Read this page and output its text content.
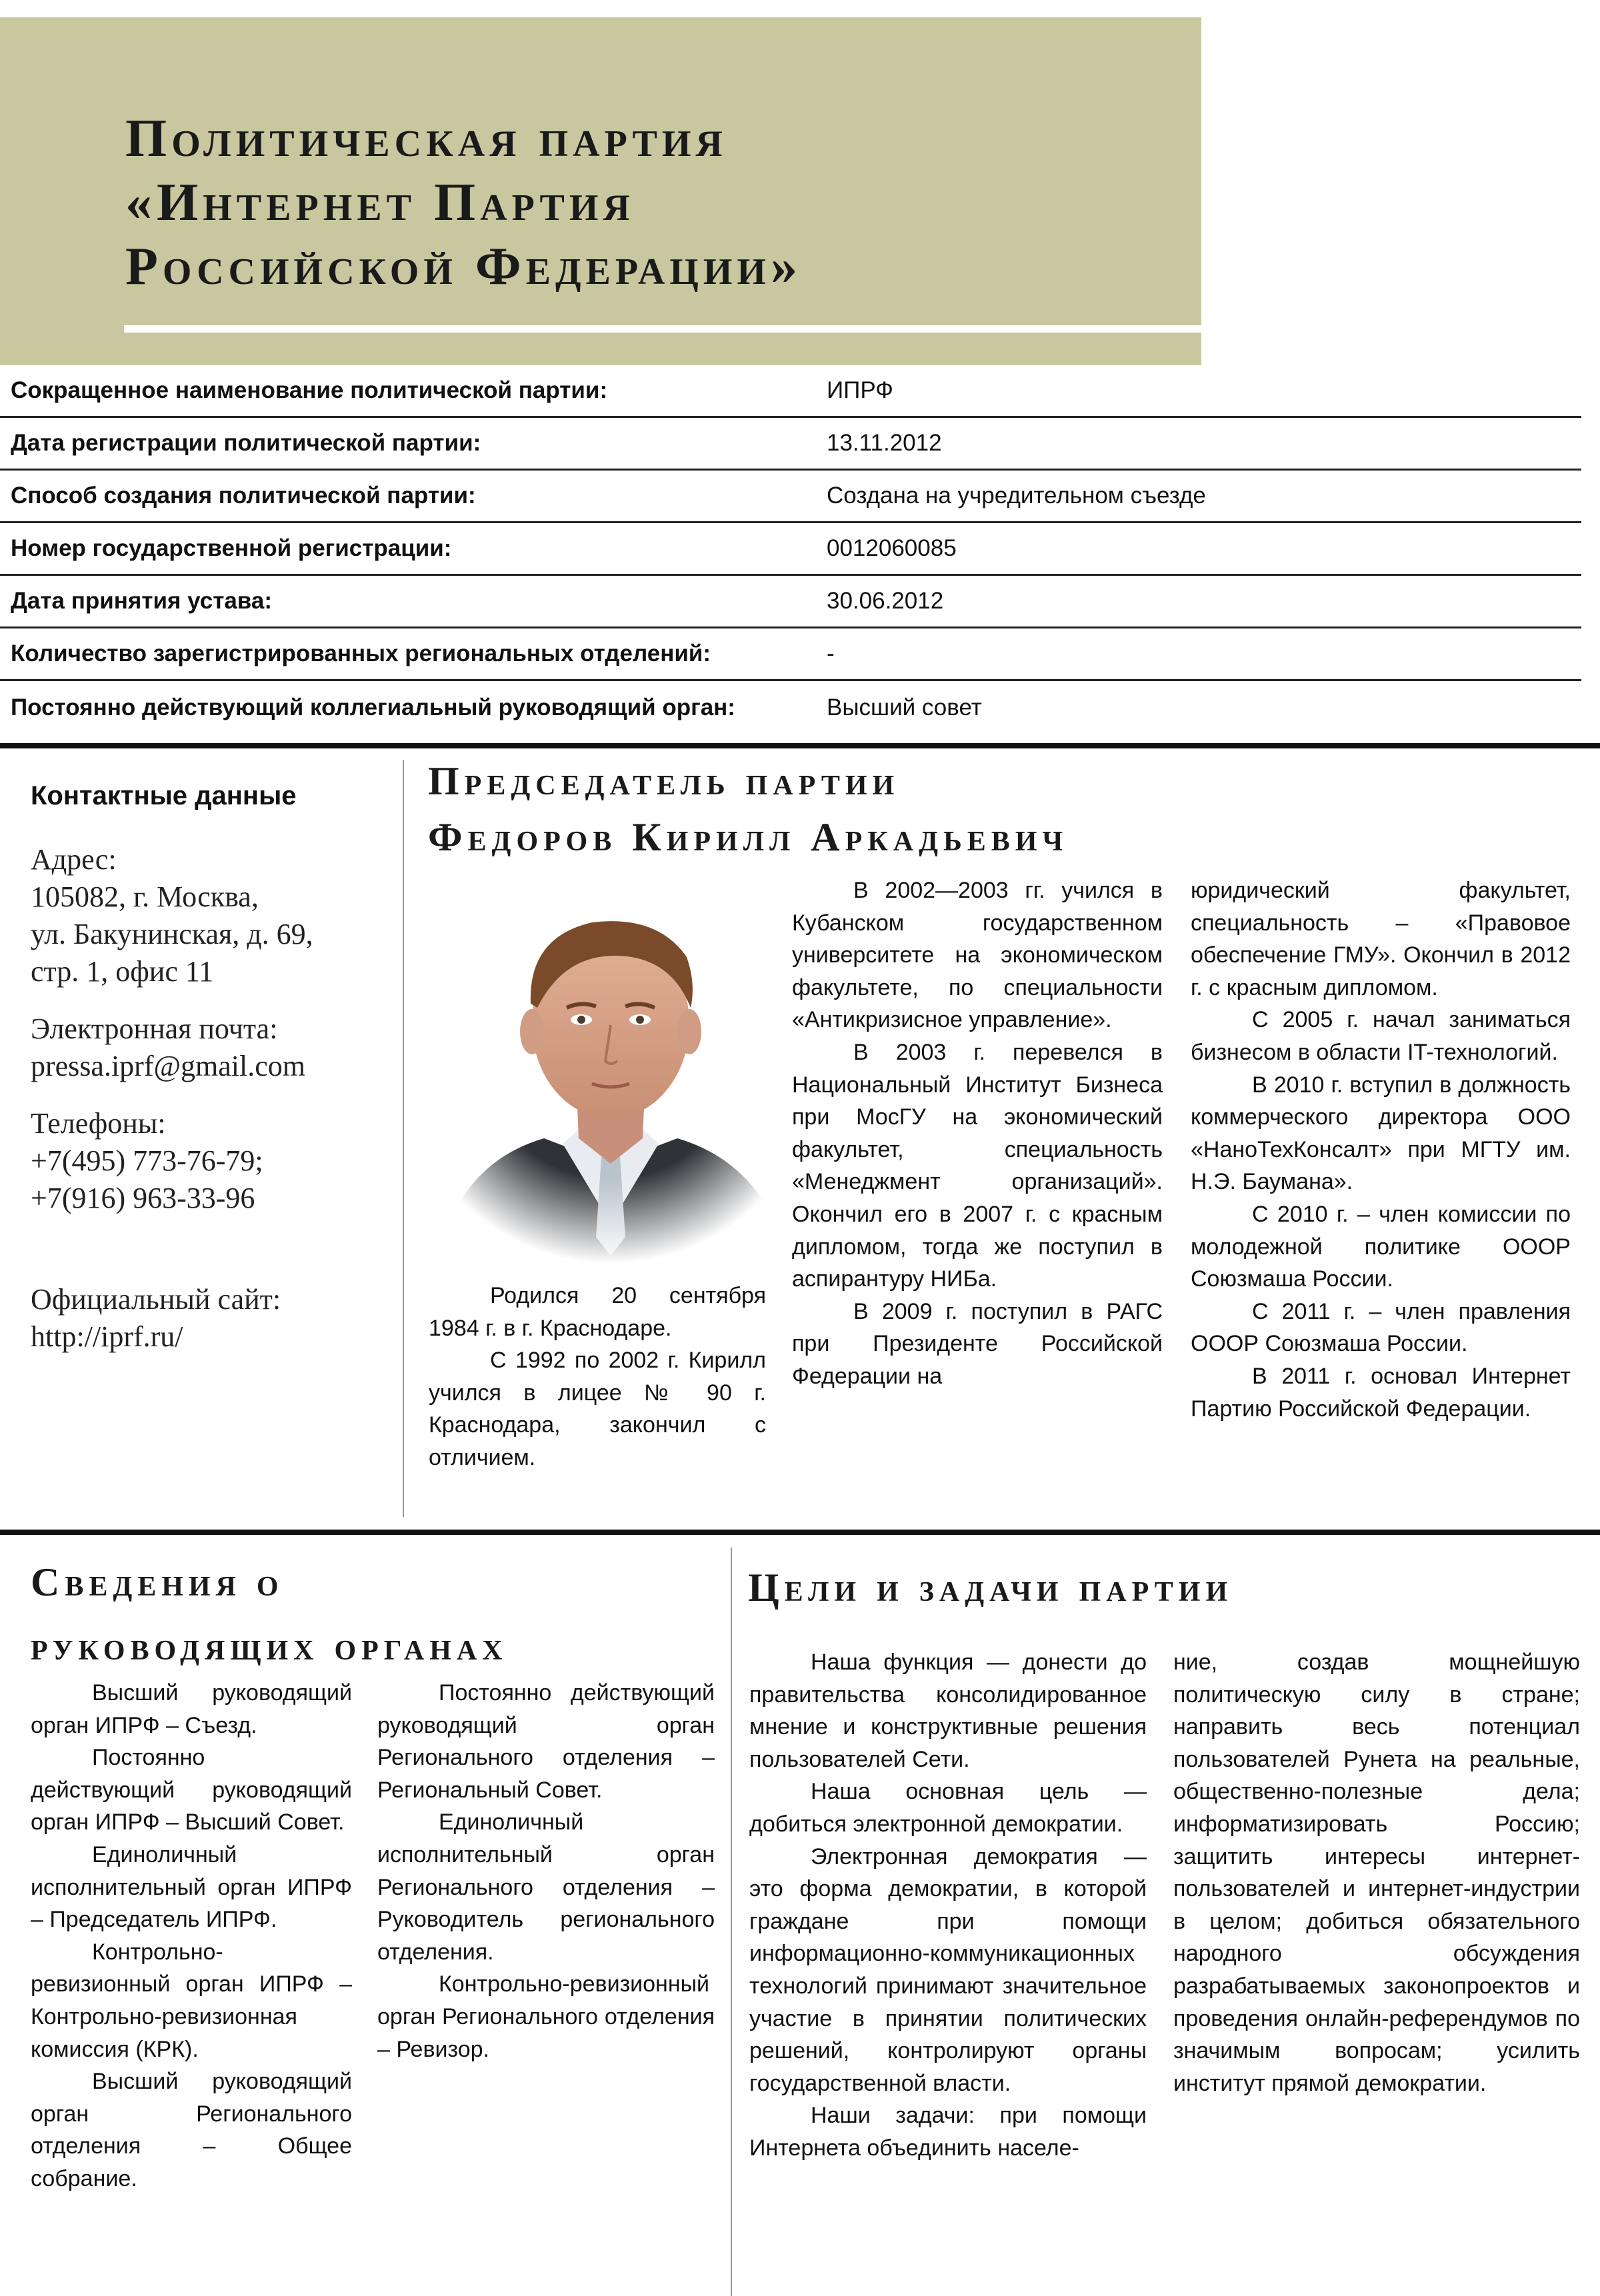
Политическая партия
«Интернет Партия
Российской Федерации»
Сокращенное наименование политической партии:	ИПРФ
Дата регистрации политической партии:	13.11.2012
Способ создания политической партии:	Создана на учредительном съезде
Номер государственной регистрации:	0012060085
Дата принятия устава:	30.06.2012
Количество зарегистрированных региональных отделений:	-
Постоянно действующий коллегиальный руководящий орган:	Высший совет
Контактные данные
Адрес:
105082, г. Москва,
ул. Бакунинская, д. 69,
стр. 1, офис 11
Электронная почта:
pressa.iprf@gmail.com
Телефоны:
+7(495) 773-76-79;
+7(916) 963-33-96
Официальный сайт:
http://iprf.ru/
Председатель партии
Федоров Кирилл Аркадьевич

Родился 20 сентября 1984 г. в г. Краснодаре.

С 1992 по 2002 г. Кирилл учился в лицее № 90 г. Краснодара, закончил с отличием.

В 2002—2003 гг. учился в Кубанском государственном университете на экономическом факультете, по специальности «Антикризисное управление».

В 2003 г. перевелся в Национальный Институт Бизнеса при МосГУ на экономический факультет, специальность «Менеджмент организаций». Окончил его в 2007 г. с красным дипломом, тогда же поступил в аспирантуру НИБа.

В 2009 г. поступил в РАГС при Президенте Российской Федерации на

юридический факультет, специальность – «Правовое обеспечение ГМУ». Окончил в 2012 г. с красным дипломом.

С 2005 г. начал заниматься бизнесом в области IT-технологий.

В 2010 г. вступил в должность коммерческого директора ООО «НаноТехКонсалт» при МГТУ им. Н.Э. Баумана».

С 2010 г. – член комиссии по молодежной политике ОООР Союзмаша России.

С 2011 г. – член правления ОООР Союзмаша России.

В 2011 г. основал Интернет Партию Российской Федерации.

Сведения о
руководящих органах

Высший руководящий орган ИПРФ – Съезд.

Постоянно действующий руководящий орган ИПРФ – Высший Совет.

Единоличный исполнительный орган ИПРФ – Председатель ИПРФ.

Контрольно-ревизионный орган ИПРФ – Контрольно-ревизионная комиссия (КРК).

Высший руководящий орган Регионального отделения – Общее собрание.

Постоянно действующий руководящий орган Регионального отделения – Региональный Совет.

Единоличный исполнительный орган Регионального отделения – Руководитель регионального отделения.

Контрольно-ревизионный орган Регионального отделения – Ревизор.

Цели и задачи партии

Наша функция — донести до правительства консолидированное мнение и конструктивные решения пользователей Сети.

Наша основная цель — добиться электронной демократии.

Электронная демократия — это форма демократии, в которой граждане при помощи информационно-коммуникационных технологий принимают значительное участие в принятии политических решений, контролируют органы государственной власти.

Наши задачи: при помощи Интернета объединить населе-

ние, создав мощнейшую политическую силу в стране; направить весь потенциал пользователей Рунета на реальные, общественно-полезные дела; информатизировать Россию; защитить интересы интернет-пользователей и интернет-индустрии в целом; добиться обязательного народного обсуждения разрабатываемых законопроектов и проведения онлайн-референдумов по значимым вопросам; усилить институт прямой демократии.
